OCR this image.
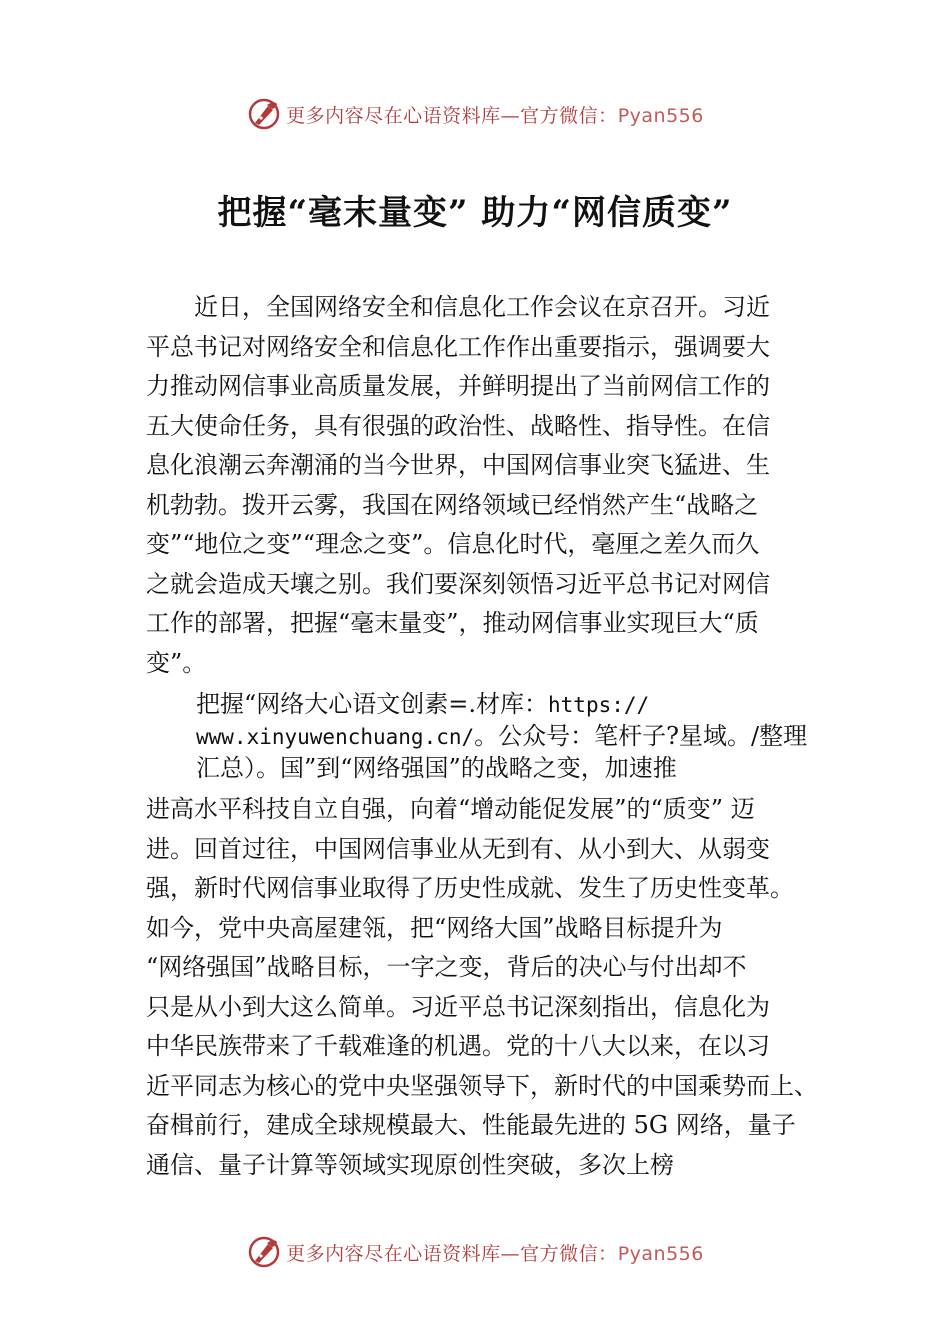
更多内容尽在心语资料库—官方微信：Pyan556
把握“毫末量变” 助力“网信质变”
　　近日，全国网络安全和信息化工作会议在京召开。习近
平总书记对网络安全和信息化工作作出重要指示，强调要大
力推动网信事业高质量发展，并鲜明提出了当前网信工作的
五大使命任务，具有很强的政治性、战略性、指导性。在信
息化浪潮云奔潮涌的当今世界，中国网信事业突飞猛进、生
机勃勃。拨开云雾，我国在网络领域已经悄然产生“战略之
变”“地位之变”“理念之变”。信息化时代，毫厘之差久而久
之就会造成天壤之别。我们要深刻领悟习近平总书记对网信
工作的部署，把握“毫末量变”，推动网信事业实现巨大“质
变”。
把握“网络大心语文创素=.材库：https://
www.xinyuwenchuang.cn/。公众号：笔杆子?星域。/整理
汇总）。国”到“网络强国”的战略之变，加速推
进高水平科技自立自强，向着“增动能促发展”的“质变” 迈
进。回首过往，中国网信事业从无到有、从小到大、从弱变
强，新时代网信事业取得了历史性成就、发生了历史性变革。
如今，党中央高屋建瓴，把“网络大国”战略目标提升为
“网络强国”战略目标，一字之变，背后的决心与付出却不
只是从小到大这么简单。习近平总书记深刻指出，信息化为
中华民族带来了千载难逢的机遇。党的十八大以来，在以习
近平同志为核心的党中央坚强领导下，新时代的中国乘势而上、
奋楫前行，建成全球规模最大、性能最先进的 5G 网络，量子
通信、量子计算等领域实现原创性突破，多次上榜
更多内容尽在心语资料库—官方微信：Pyan556
